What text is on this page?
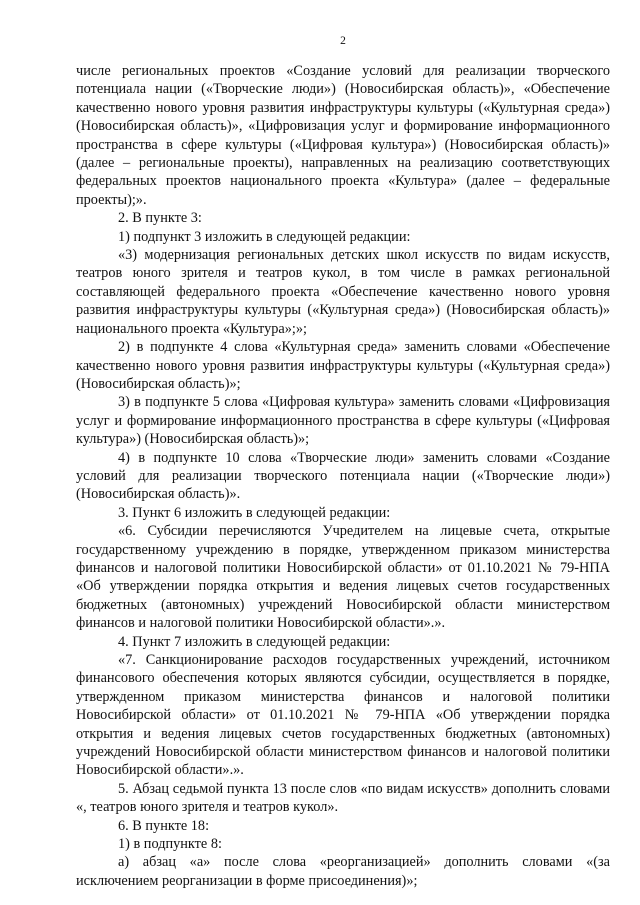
2

числе региональных проектов «Создание условий для реализации творческого потенциала нации («Творческие люди») (Новосибирская область)», «Обеспечение качественно нового уровня развития инфраструктуры культуры («Культурная среда») (Новосибирская область)», «Цифровизация услуг и формирование информационного пространства в сфере культуры («Цифровая культура») (Новосибирская область)» (далее – региональные проекты), направленных на реализацию соответствующих федеральных проектов национального проекта «Культура» (далее – федеральные проекты);».

2. В пункте 3:

1) подпункт 3 изложить в следующей редакции:

«3) модернизация региональных детских школ искусств по видам искусств, театров юного зрителя и театров кукол, в том числе в рамках региональной составляющей федерального проекта «Обеспечение качественно нового уровня развития инфраструктуры культуры («Культурная среда») (Новосибирская область)» национального проекта «Культура»;»;

2) в подпункте 4 слова «Культурная среда» заменить словами «Обеспечение качественно нового уровня развития инфраструктуры культуры («Культурная среда») (Новосибирская область)»;

3) в подпункте 5 слова «Цифровая культура» заменить словами «Цифровизация услуг и формирование информационного пространства в сфере культуры («Цифровая культура») (Новосибирская область)»;

4) в подпункте 10 слова «Творческие люди» заменить словами «Создание условий для реализации творческого потенциала нации («Творческие люди») (Новосибирская область)».

3. Пункт 6 изложить в следующей редакции:

«6. Субсидии перечисляются Учредителем на лицевые счета, открытые государственному учреждению в порядке, утвержденном приказом министерства финансов и налоговой политики Новосибирской области» от 01.10.2021 № 79-НПА «Об утверждении порядка открытия и ведения лицевых счетов государственных бюджетных (автономных) учреждений Новосибирской области министерством финансов и налоговой политики Новосибирской области».».

4. Пункт 7 изложить в следующей редакции:

«7. Санкционирование расходов государственных учреждений, источником финансового обеспечения которых являются субсидии, осуществляется в порядке, утвержденном приказом министерства финансов и налоговой политики Новосибирской области» от 01.10.2021 № 79-НПА «Об утверждении порядка открытия и ведения лицевых счетов государственных бюджетных (автономных) учреждений Новосибирской области министерством финансов и налоговой политики Новосибирской области».».

5. Абзац седьмой пункта 13 после слов «по видам искусств» дополнить словами «, театров юного зрителя и театров кукол».

6. В пункте 18:

1) в подпункте 8:

а) абзац «а» после слова «реорганизацией» дополнить словами «(за исключением реорганизации в форме присоединения)»;
